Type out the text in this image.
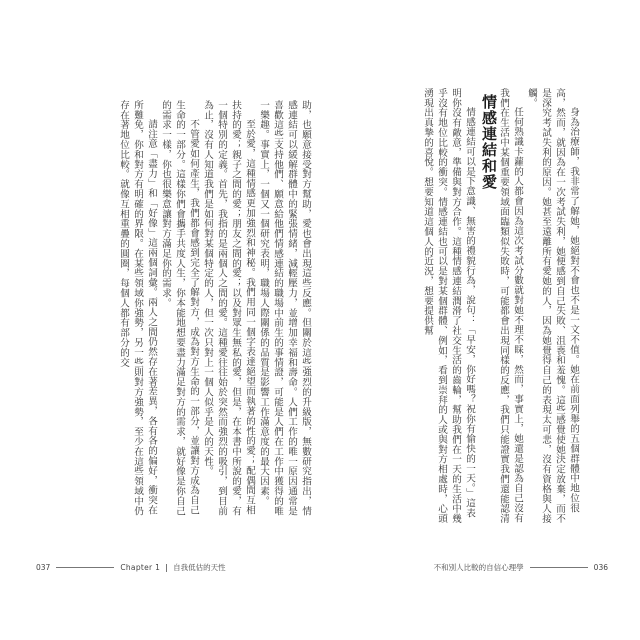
助，也願意接受對方幫助，愛也會出現這些反應。但關於這些強烈的升級版，無數研究指出，情感連結可以緩解群體中的緊張情緒，減輕壓力，並增加幸福和壽命。人們工作的唯一原因通常是喜歡這些支持他們、願意給他們情感連結的職場中前生的事情證，可能是人們在工作中獲得的唯一樂趣。事實上，一個又一個研究表明，職場人際關係的品質是影響工作滿意度的最大因素。

至於愛，這種情感更加強烈和神秘。我們用同一個字表達絕望而執著的性的愛；配偶間互相扶持的愛；親子之間的愛；朋友之間的愛；以及對眾生無私的愛，但是，在本書中所說的愛，有一個特別的定義。首先，我指的是兩個人之間的愛。這種愛往往始於突然而強烈的吸引，到目前為止，沒有人知道我們是如何對某個特定的人，但一次只對上一個人似乎是人的天性。

不管愛如何產生，我們都會感到完全了解對方，成為對方生命的一部分，並讓對方成為自己生命的一部分。這樣你們會攜手共度人生，你本能地想要盡力滿足對方的需求，就好像是你自己的需求一樣，你也很樂意讓對方滿足你的需求。

請注意「盡力」和「好像」這兩個詞彙。兩人之間仍然存在著差異，各有各的偏好，衝突在所難免，你和對方有明確的界限。在某些領域你強勢，另一些則對方強勢，至少在這些領域中仍存在著地位比較。就像互相重疊的圓圈，每個人都有部分的交	身為治療師，我非常了解她，她絕對不會也不是一文不值。她在前面列舉的五個群體中地位很高，然而，就因為在一次考試失利，她便感到自己失敗、沮喪和羞愧。這些感覺使她決定放棄，而不是深究考試失利的原因。她甚至遠離所有愛她的人，因為她覺得自己的表現太可悲，沒有資格與人接觸。

任何熟識卡蘿的人都會因為這次考試分數就對她不理不睬，然而，事實上，她還是認為自己沒有我們在生活中某個重要領域面臨類似失敗時，可能都會出現同樣的反應，我們只能證實我們還能認清

情感連結和愛

情感連結可以是下意識、無害的禮貌行為，說句：「早安，你好嗎？祝你有愉快的一天。」這表明你沒有敵意，準備與對方合作。這種情感連結潤滑了社交生活的齒輪，幫助我們在一天的生活中幾乎沒有地位比較的衝突。情感連結也可以是對某個群體、例如，看到崇拜的人或與對方相處時，心頭湧現出真摯的喜悅。想要知道這個人的近況，想要提供幫

037	Chapter 1 自我低估的天性	不和別人比較的自信心理學	036
